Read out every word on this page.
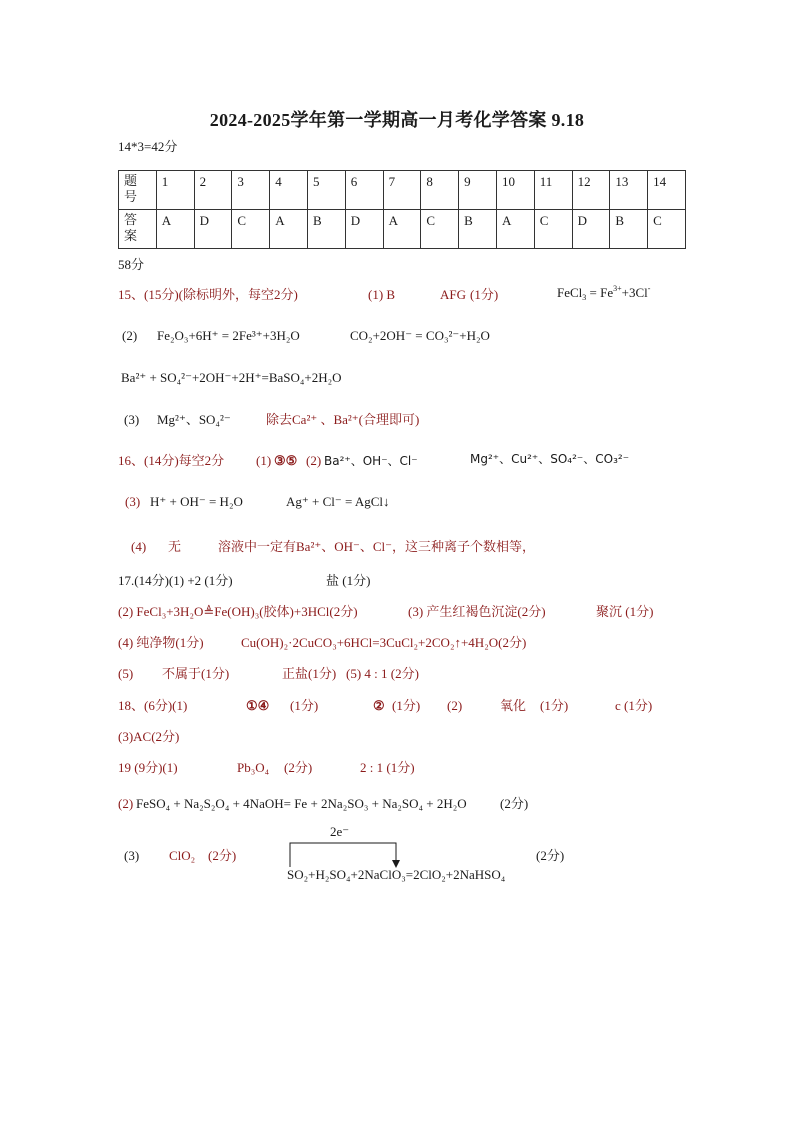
2024-2025学年第一学期高一月考化学答案 9.18
14*3=42分
题
号	1	2	3	4	5	6	7	8	9	10	11	12	13	14

答
案	A	D	C	A	B	D	A	C	B	A	C	D	B	C
58分
15、(15分)(除标明外，每空2分)	(1) B	AFG (1分)	FeCl$_3$ = $Fe^{3+}+3Cl^-$
(2) Fe₂O₃+6H⁺ = 2Fe³⁺+3H₂O	CO₂+2OH⁻ = CO₃²⁻+H₂O
Ba²⁺ + SO₄²⁻+2OH⁻+2H⁺=BaSO₄+2H₂O
(3) Mg²⁺、SO₄²⁻	除去Ca²⁺ 、Ba²⁺(合理即可)
16、(14分)每空2分 (1) ③⑤ (2) Ba²⁺、OH⁻、Cl⁻	Mg²⁺、Cu²⁺、SO₄²⁻、CO₃²⁻
(3) H⁺ + OH⁻ = H₂O	Ag⁺ + Cl⁻ = AgCl↓
(4) 无	溶液中一定有Ba²⁺、OH⁻、Cl⁻，这三种离子个数相等，
17.(14分)(1) +2 (1分)	盐 (1分)
(2) FeCl₃+3H₂O≜Fe(OH)₃(胶体)+3HCl(2分)	(3) 产生红褐色沉淀(2分)	聚沉 (1分)
(4) 纯净物(1分)	Cu(OH)₂·2CuCO₃+6HCl=3CuCl₂+2CO₂↑+4H₂O(2分)
(5) 不属于(1分)	正盐(1分) (5) 4 : 1 (2分)
18、(6分)(1)	①④ (1分)	② (1分) (2)	氧化 (1分)	c (1分)
(3)AC(2分)
19 (9分)(1)	Pb₃O₄ (2分)	2 : 1 (1分)
(2) FeSO₄ + Na₂S₂O₄ + 4NaOH= Fe + 2Na₂SO₃ + Na₂SO₄ + 2H₂O	(2分)
(3) ClO₂ (2分)
2e⁻
SO₂+H₂SO₄+2NaClO₃=2ClO₂+2NaHSO₄
(2分)
